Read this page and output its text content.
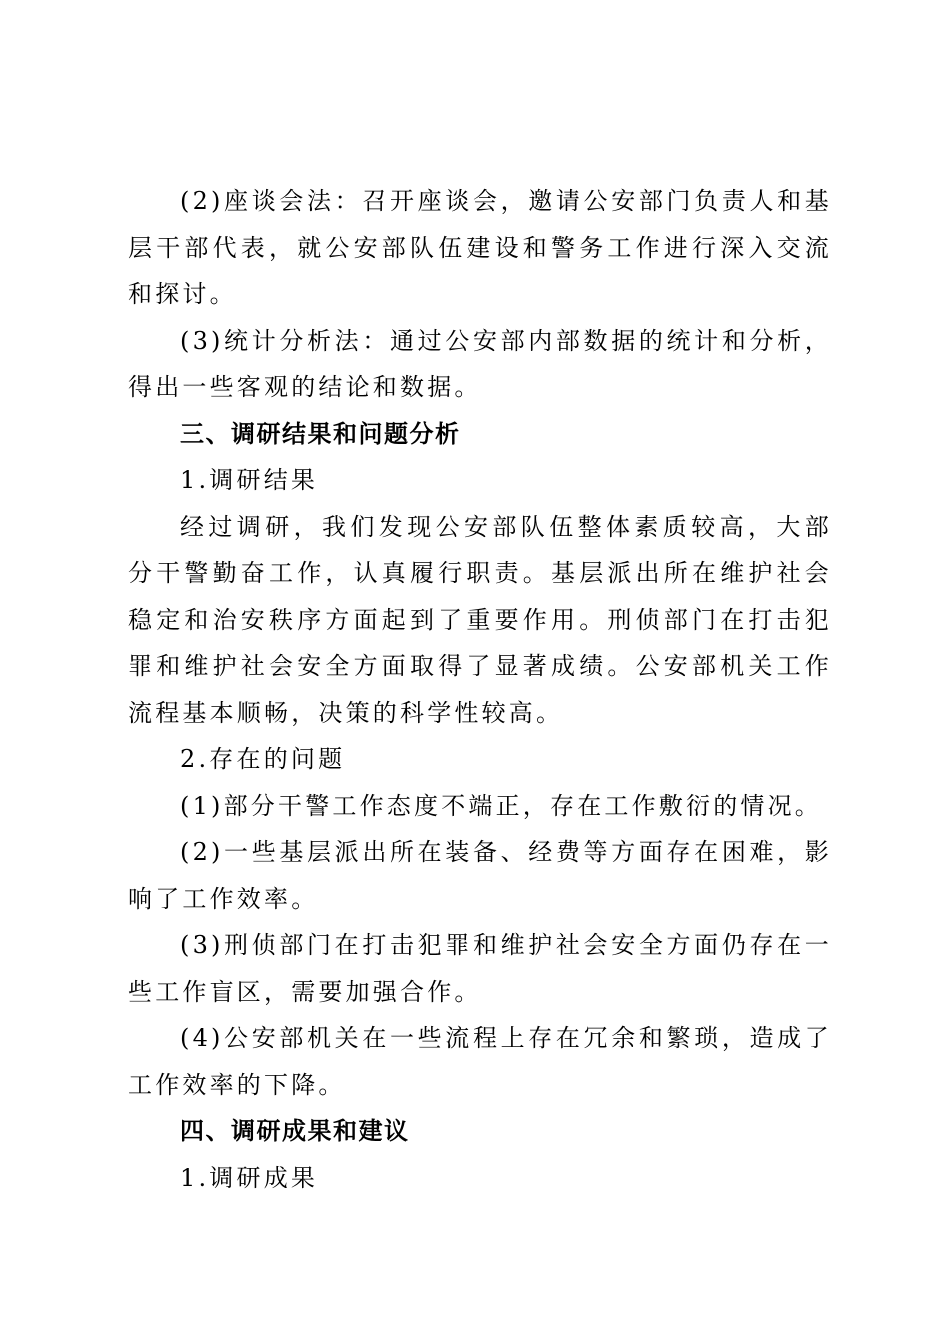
(2)座谈会法：召开座谈会，邀请公安部门负责人和基层干部代表，就公安部队伍建设和警务工作进行深入交流和探讨。

(3)统计分析法：通过公安部内部数据的统计和分析，得出一些客观的结论和数据。

三、调研结果和问题分析

1.调研结果

经过调研，我们发现公安部队伍整体素质较高，大部分干警勤奋工作，认真履行职责。基层派出所在维护社会稳定和治安秩序方面起到了重要作用。刑侦部门在打击犯罪和维护社会安全方面取得了显著成绩。公安部机关工作流程基本顺畅，决策的科学性较高。

2.存在的问题

(1)部分干警工作态度不端正，存在工作敷衍的情况。

(2)一些基层派出所在装备、经费等方面存在困难，影响了工作效率。

(3)刑侦部门在打击犯罪和维护社会安全方面仍存在一些工作盲区，需要加强合作。

(4)公安部机关在一些流程上存在冗余和繁琐，造成了工作效率的下降。

四、调研成果和建议

1.调研成果
